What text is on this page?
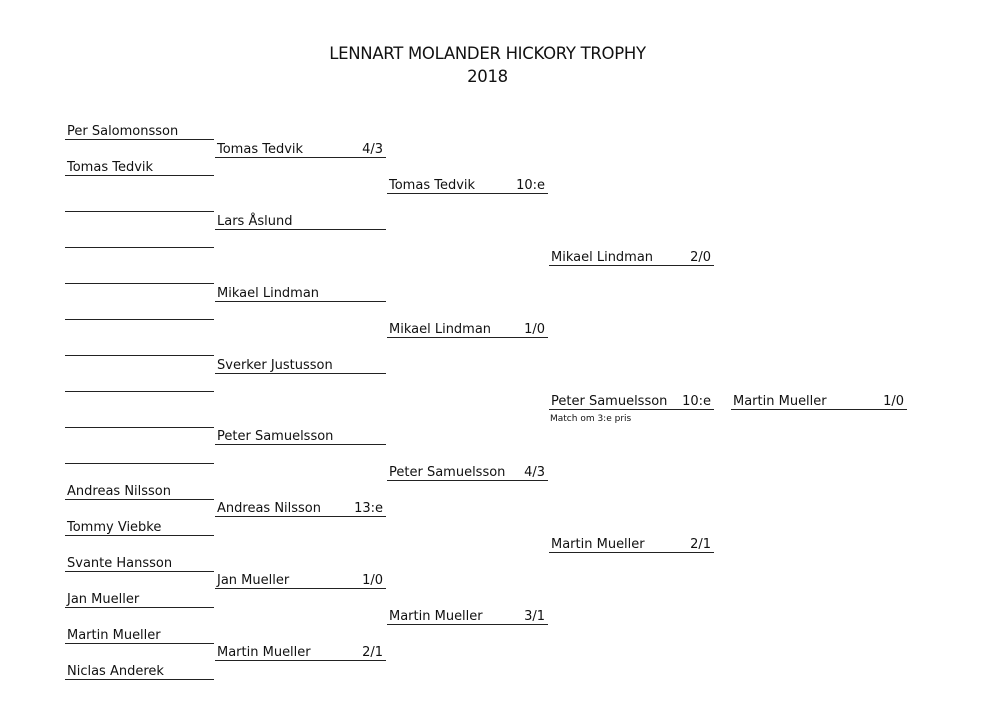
LENNART MOLANDER HICKORY TROPHY
2018
Per Salomonsson
Tomas Tedvik
Andreas Nilsson
Tommy Viebke
Svante Hansson
Jan Mueller
Martin Mueller
Niclas Anderek
Tomas Tedvik	4/3
Lars Åslund
Mikael Lindman
Sverker Justusson
Peter Samuelsson
Andreas Nilsson	13:e
Jan Mueller	1/0
Martin Mueller	2/1
Tomas Tedvik	10:e
Mikael Lindman	1/0
Peter Samuelsson 4/3
Martin Mueller	3/1
Mikael Lindman	2/0
Peter Samuelsson 10:e
Match om 3:e pris
Martin Mueller	2/1
Martin Mueller	1/0
